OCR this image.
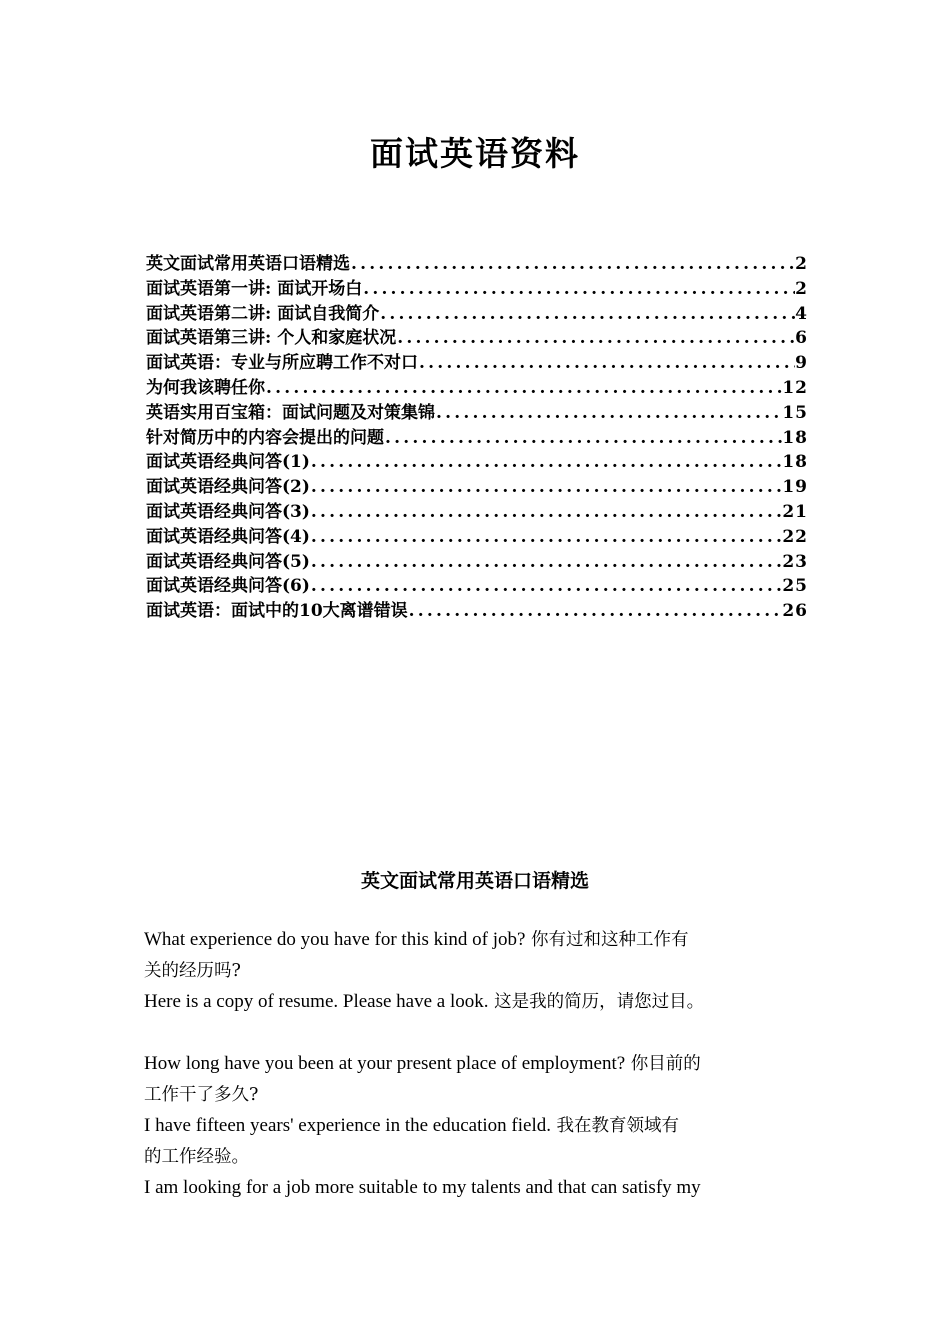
面试英语资料
英文面试常用英语口语精选 .....	2
面试英语第一讲: 面试开场白 .....	2
面试英语第二讲: 面试自我简介 .....	4
面试英语第三讲: 个人和家庭状况 .....	6
面试英语：专业与所应聘工作不对口 .....	9
为何我该聘任你 .....	12
英语实用百宝箱：面试问题及对策集锦 .....	15
针对简历中的内容会提出的问题 .....	18
面试英语经典问答(1) .....	18
面试英语经典问答(2) .....	19
面试英语经典问答(3) .....	21
面试英语经典问答(4) .....	22
面试英语经典问答(5) .....	23
面试英语经典问答(6) .....	25
面试英语：面试中的10大离谱错误 .....	26
英文面试常用英语口语精选
What experience do you have for this kind of job? 你有过和这种工作有
关的经历吗?
Here is a copy of resume. Please have a look. 这是我的简历，请您过目。
How long have you been at your present place of employment? 你目前的
工作干了多久?
I have fifteen years' experience in the education field. 我在教育领域有
的工作经验。
I am looking for a job more suitable to my talents and that can satisfy my
